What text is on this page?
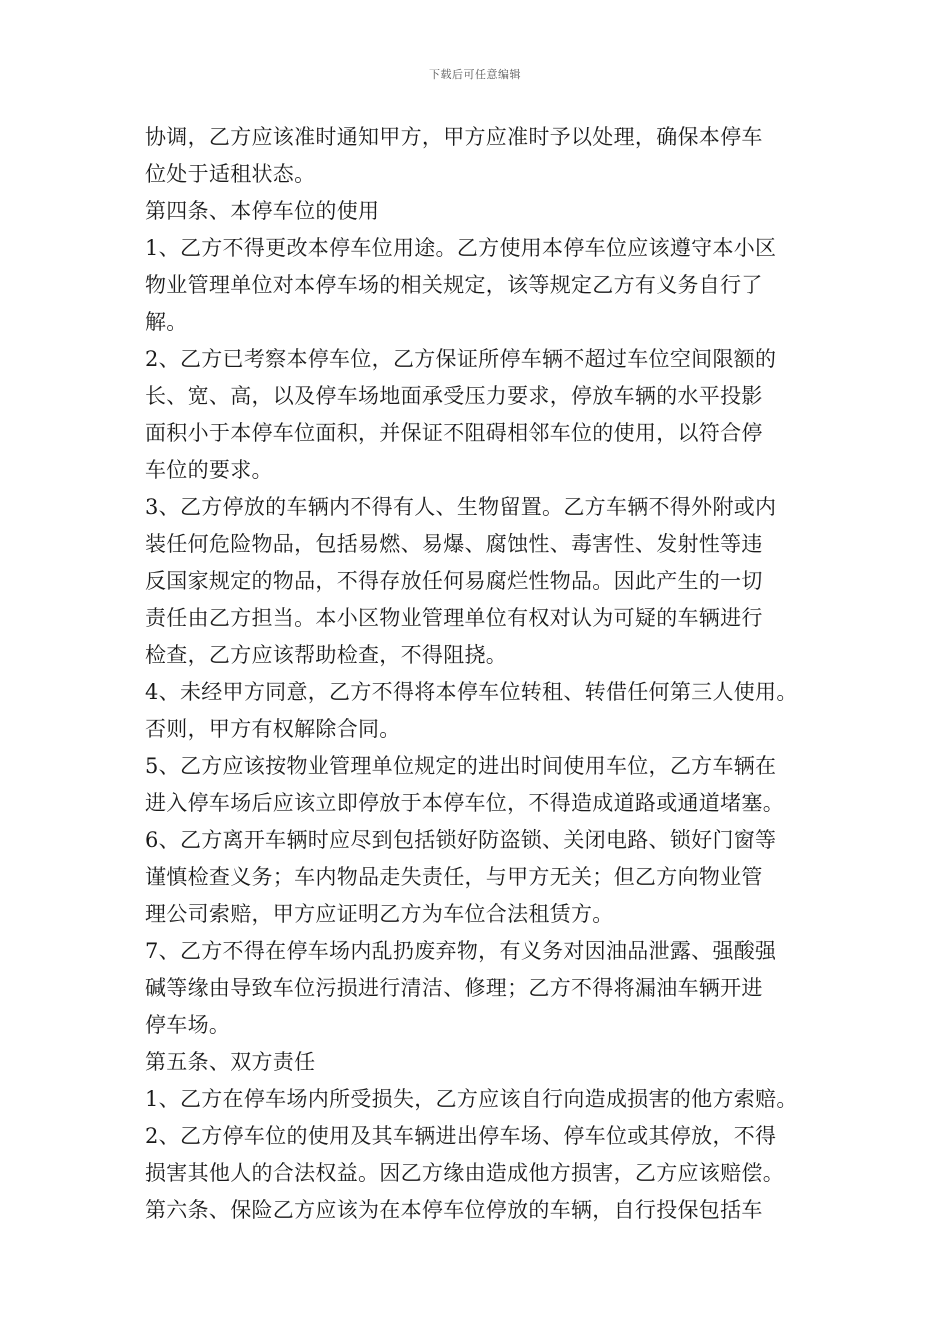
下载后可任意编辑
协调，乙方应该准时通知甲方，甲方应准时予以处理，确保本停车
位处于适租状态。
第四条、本停车位的使用
1、乙方不得更改本停车位用途。乙方使用本停车位应该遵守本小区
物业管理单位对本停车场的相关规定，该等规定乙方有义务自行了
解。
2、乙方已考察本停车位，乙方保证所停车辆不超过车位空间限额的
长、宽、高，以及停车场地面承受压力要求，停放车辆的水平投影
面积小于本停车位面积，并保证不阻碍相邻车位的使用，以符合停
车位的要求。
3、乙方停放的车辆内不得有人、生物留置。乙方车辆不得外附或内
装任何危险物品，包括易燃、易爆、腐蚀性、毒害性、发射性等违
反国家规定的物品，不得存放任何易腐烂性物品。因此产生的一切
责任由乙方担当。本小区物业管理单位有权对认为可疑的车辆进行
检查，乙方应该帮助检查，不得阻挠。
4、未经甲方同意，乙方不得将本停车位转租、转借任何第三人使用。
否则，甲方有权解除合同。
5、乙方应该按物业管理单位规定的进出时间使用车位，乙方车辆在
进入停车场后应该立即停放于本停车位，不得造成道路或通道堵塞。
6、乙方离开车辆时应尽到包括锁好防盗锁、关闭电路、锁好门窗等
谨慎检查义务；车内物品走失责任，与甲方无关；但乙方向物业管
理公司索赔，甲方应证明乙方为车位合法租赁方。
7、乙方不得在停车场内乱扔废弃物，有义务对因油品泄露、强酸强
碱等缘由导致车位污损进行清洁、修理；乙方不得将漏油车辆开进
停车场。
第五条、双方责任
1、乙方在停车场内所受损失，乙方应该自行向造成损害的他方索赔。
2、乙方停车位的使用及其车辆进出停车场、停车位或其停放，不得
损害其他人的合法权益。因乙方缘由造成他方损害，乙方应该赔偿。
第六条、保险乙方应该为在本停车位停放的车辆，自行投保包括车
